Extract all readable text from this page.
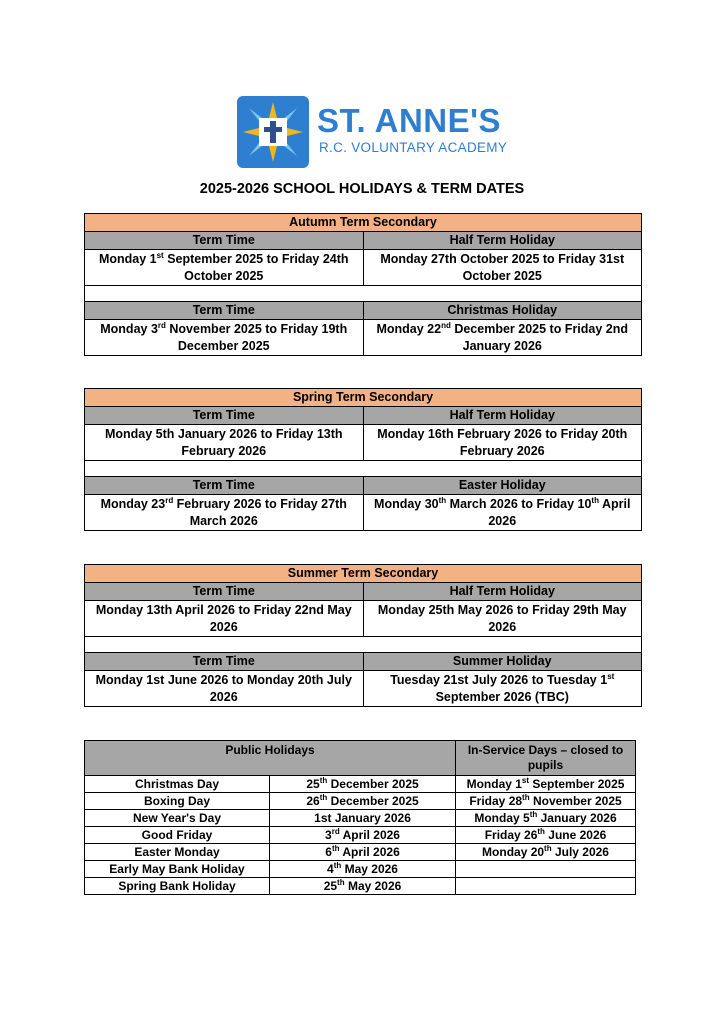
ST. ANNE'S
R.C. VOLUNTARY ACADEMY
2025-2026 SCHOOL HOLIDAYS & TERM DATES
Autumn Term Secondary	
Term Time	Half Term Holiday
Monday 1st September 2025 to Friday 24th October 2025	Monday 27th October 2025 to Friday 31st October 2025

Term Time	Christmas Holiday
Monday 3rd November 2025 to Friday 19th December 2025	Monday 22nd December 2025 to Friday 2nd January 2026
Spring Term Secondary	
Term Time	Half Term Holiday
Monday 5th January 2026 to Friday 13th February 2026	Monday 16th February 2026 to Friday 20th February 2026

Term Time	Easter Holiday
Monday 23rd February 2026 to Friday 27th March 2026	Monday 30th March 2026 to Friday 10th April 2026
Summer Term Secondary	
Term Time	Half Term Holiday
Monday 13th April 2026 to Friday 22nd May 2026	Monday 25th May 2026 to Friday 29th May 2026

Term Time	Summer Holiday
Monday 1st June 2026 to Monday 20th July 2026	Tuesday 21st July 2026 to Tuesday 1st September 2026 (TBC)
Public Holidays		In-Service Days – closed to pupils
Christmas Day	25th December 2025	Monday 1st September 2025
Boxing Day	26th December 2025	Friday 28th November 2025
New Year's Day	1st January 2026	Monday 5th January 2026
Good Friday	3rd April 2026	Friday 26th June 2026
Easter Monday	6th April 2026	Monday 20th July 2026
Early May Bank Holiday	4th May 2026	
Spring Bank Holiday	25th May 2026	
